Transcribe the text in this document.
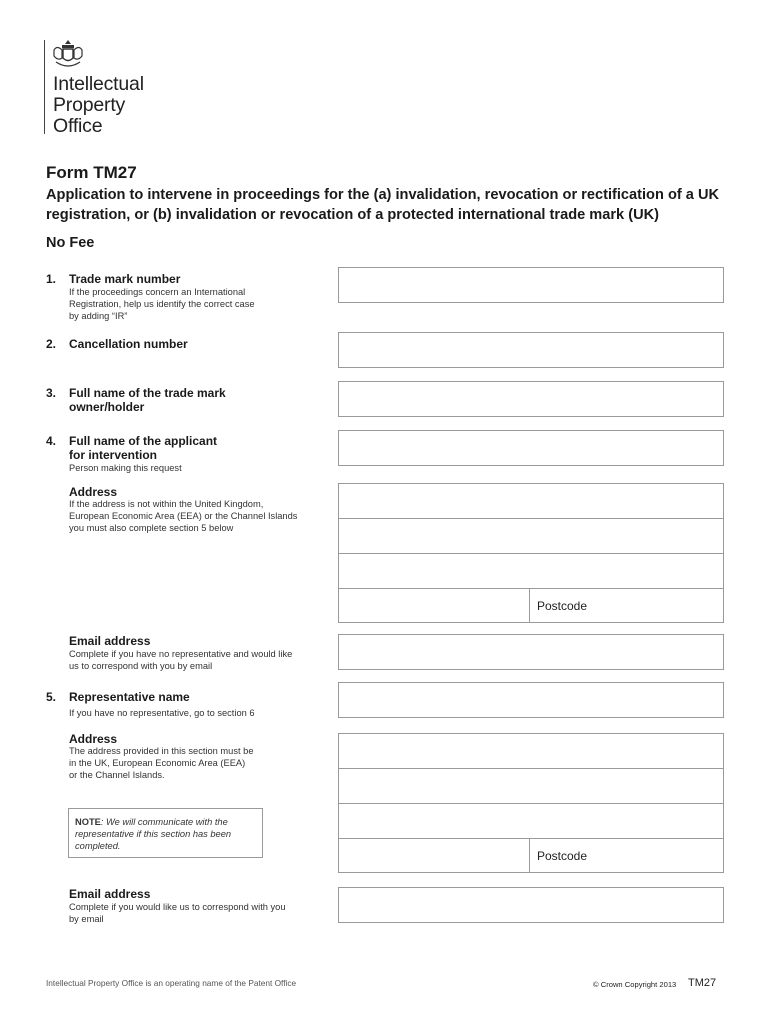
Intellectual
Property
Office
Form TM27
Application to intervene in proceedings for the (a) invalidation, revocation or rectification of a UK registration, or (b) invalidation or revocation of a protected international trade mark (UK)
No Fee
1. Trade mark number
If the proceedings concern an International
Registration, help us identify the correct case
by adding “IR”
2. Cancellation number
3. Full name of the trade mark
owner/holder
4. Full name of the applicant
for intervention
Person making this request
Address
If the address is not within the United Kingdom,
European Economic Area (EEA) or the Channel Islands
you must also complete section 5 below
Postcode
Email address
Complete if you have no representative and would like
us to correspond with you by email
5. Representative name
If you have no representative, go to section 6
Address
The address provided in this section must be
in the UK, European Economic Area (EEA)
or the Channel Islands.
NOTE: We will communicate with the representative if this section has been completed.
Postcode
Email address
Complete if you would like us to correspond with you
by email
Intellectual Property Office is an operating name of the Patent Office	© Crown Copyright 2013 TM27
